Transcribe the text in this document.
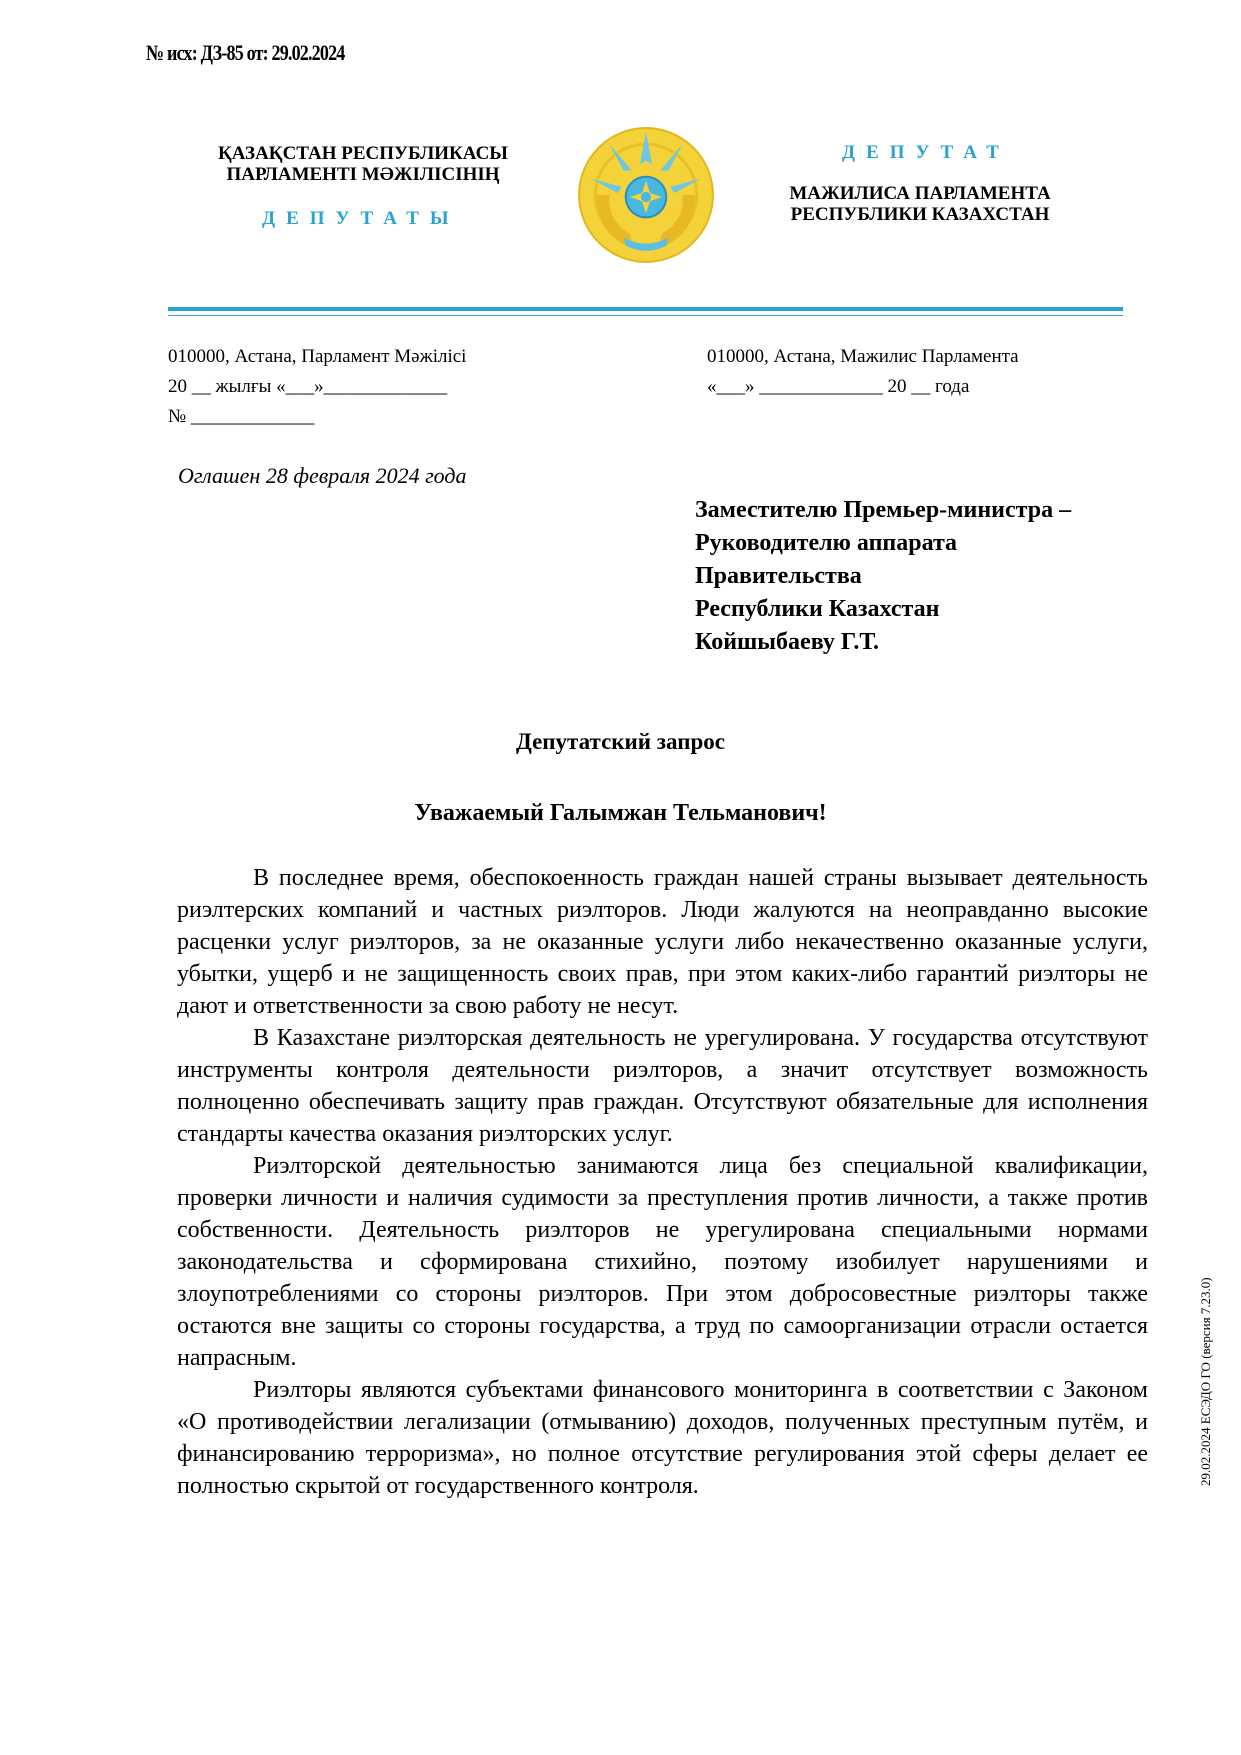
№ исх: ДЗ-85 от: 29.02.2024
ҚАЗАҚСТАН РЕСПУБЛИКАСЫ
ПАРЛАМЕНТІ МӘЖІЛІСІНІҢ
ДЕПУТАТЫ
ДЕПУТАТ
МАЖИЛИСА ПАРЛАМЕНТА
РЕСПУБЛИКИ КАЗАХСТАН
010000, Астана, Парламент Мәжілісі
20 __ жылғы «___»_____________
№ _____________
010000, Астана, Мажилис Парламента
«___» _____________ 20 __ года
Оглашен 28 февраля 2024 года
Заместителю Премьер-министра –
Руководителю аппарата
Правительства
Республики Казахстан
Койшыбаеву Г.Т.
Депутатский запрос
Уважаемый Галымжан Тельманович!

В последнее время, обеспокоенность граждан нашей страны вызывает деятельность риэлтерских компаний и частных риэлторов. Люди жалуются на неоправданно высокие расценки услуг риэлторов, за не оказанные услуги либо некачественно оказанные услуги, убытки, ущерб и не защищенность своих прав, при этом каких-либо гарантий риэлторы не дают и ответственности за свою работу не несут.

В Казахстане риэлторская деятельность не урегулирована. У государства отсутствуют инструменты контроля деятельности риэлторов, а значит отсутствует возможность полноценно обеспечивать защиту прав граждан. Отсутствуют обязательные для исполнения стандарты качества оказания риэлторских услуг.

Риэлторской деятельностью занимаются лица без специальной квалификации, проверки личности и наличия судимости за преступления против личности, а также против собственности. Деятельность риэлторов не урегулирована специальными нормами законодательства и сформирована стихийно, поэтому изобилует нарушениями и злоупотреблениями со стороны риэлторов. При этом добросовестные риэлторы также остаются вне защиты со стороны государства, а труд по самоорганизации отрасли остается напрасным.

Риэлторы являются субъектами финансового мониторинга в соответствии с Законом «О противодействии легализации (отмыванию) доходов, полученных преступным путём, и финансированию терроризма», но полное отсутствие регулирования этой сферы делает ее полностью скрытой от государственного контроля.	29.02.2024 ЕСЭДО ГО (версия 7.23.0)
